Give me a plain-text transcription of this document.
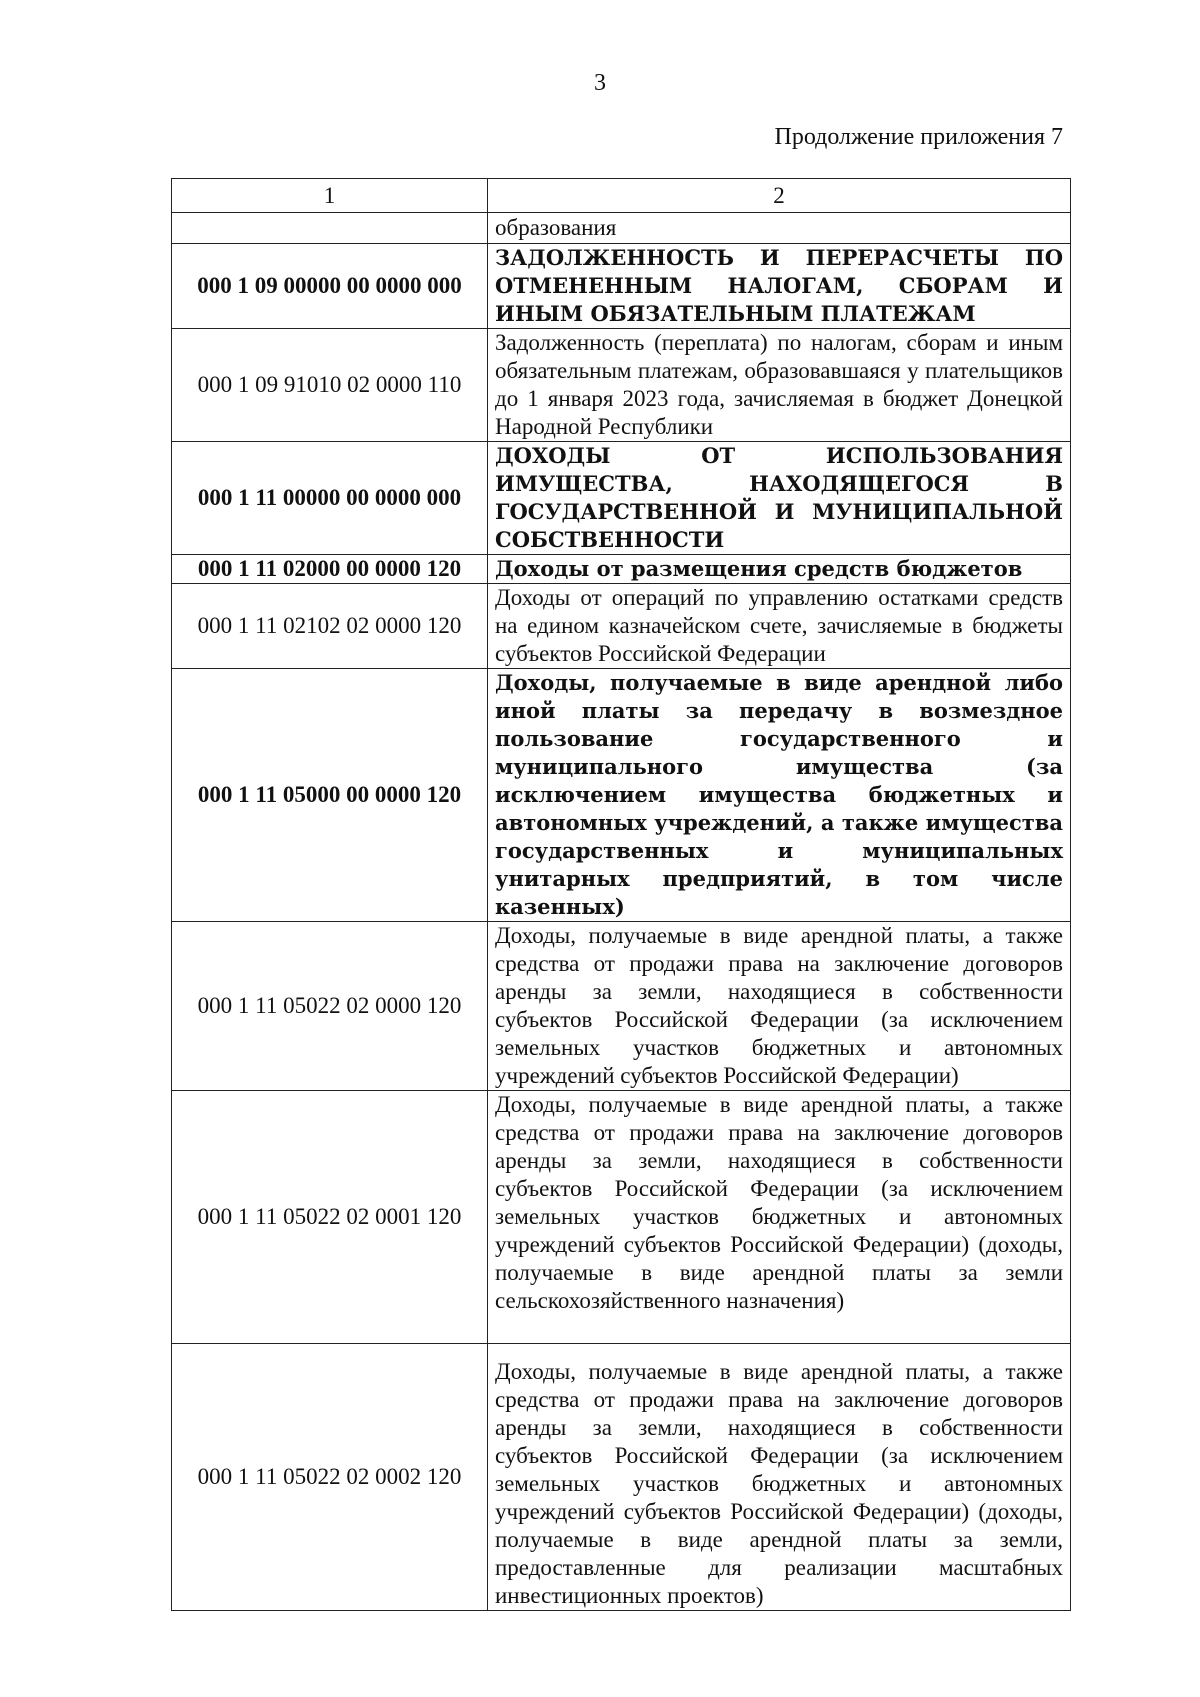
3
Продолжение приложения 7
1	2
	образования
000 1 09 00000 00 0000 000	ЗАДОЛЖЕННОСТЬ И ПЕРЕРАСЧЕТЫ ПО ОТМЕНЕННЫМ НАЛОГАМ, СБОРАМ И ИНЫМ ОБЯЗАТЕЛЬНЫМ ПЛАТЕЖАМ
000 1 09 91010 02 0000 110	Задолженность (переплата) по налогам, сборам и иным обязательным платежам, образовавшаяся у плательщиков до 1 января 2023 года, зачисляемая в бюджет Донецкой Народной Республики
000 1 11 00000 00 0000 000	ДОХОДЫ ОТ ИСПОЛЬЗОВАНИЯ ИМУЩЕСТВА, НАХОДЯЩЕГОСЯ В ГОСУДАРСТВЕННОЙ И МУНИЦИПАЛЬНОЙ СОБСТВЕННОСТИ
000 1 11 02000 00 0000 120	Доходы от размещения средств бюджетов
000 1 11 02102 02 0000 120	Доходы от операций по управлению остатками средств на едином казначейском счете, зачисляемые в бюджеты субъектов Российской Федерации
000 1 11 05000 00 0000 120	Доходы, получаемые в виде арендной либо иной платы за передачу в возмездное пользование государственного и муниципального имущества (за исключением имущества бюджетных и автономных учреждений, а также имущества государственных и муниципальных унитарных предприятий, в том числе казенных)
000 1 11 05022 02 0000 120	Доходы, получаемые в виде арендной платы, а также средства от продажи права на заключение договоров аренды за земли, находящиеся в собственности субъектов Российской Федерации (за исключением земельных участков бюджетных и автономных учреждений субъектов Российской Федерации)
000 1 11 05022 02 0001 120	Доходы, получаемые в виде арендной платы, а также средства от продажи права на заключение договоров аренды за земли, находящиеся в собственности субъектов Российской Федерации (за исключением земельных участков бюджетных и автономных учреждений субъектов Российской Федерации) (доходы, получаемые в виде арендной платы за земли сельскохозяйственного назначения)
000 1 11 05022 02 0002 120	Доходы, получаемые в виде арендной платы, а также средства от продажи права на заключение договоров аренды за земли, находящиеся в собственности субъектов Российской Федерации (за исключением земельных участков бюджетных и автономных учреждений субъектов Российской Федерации) (доходы, получаемые в виде арендной платы за земли, предоставленные для реализации масштабных инвестиционных проектов)
